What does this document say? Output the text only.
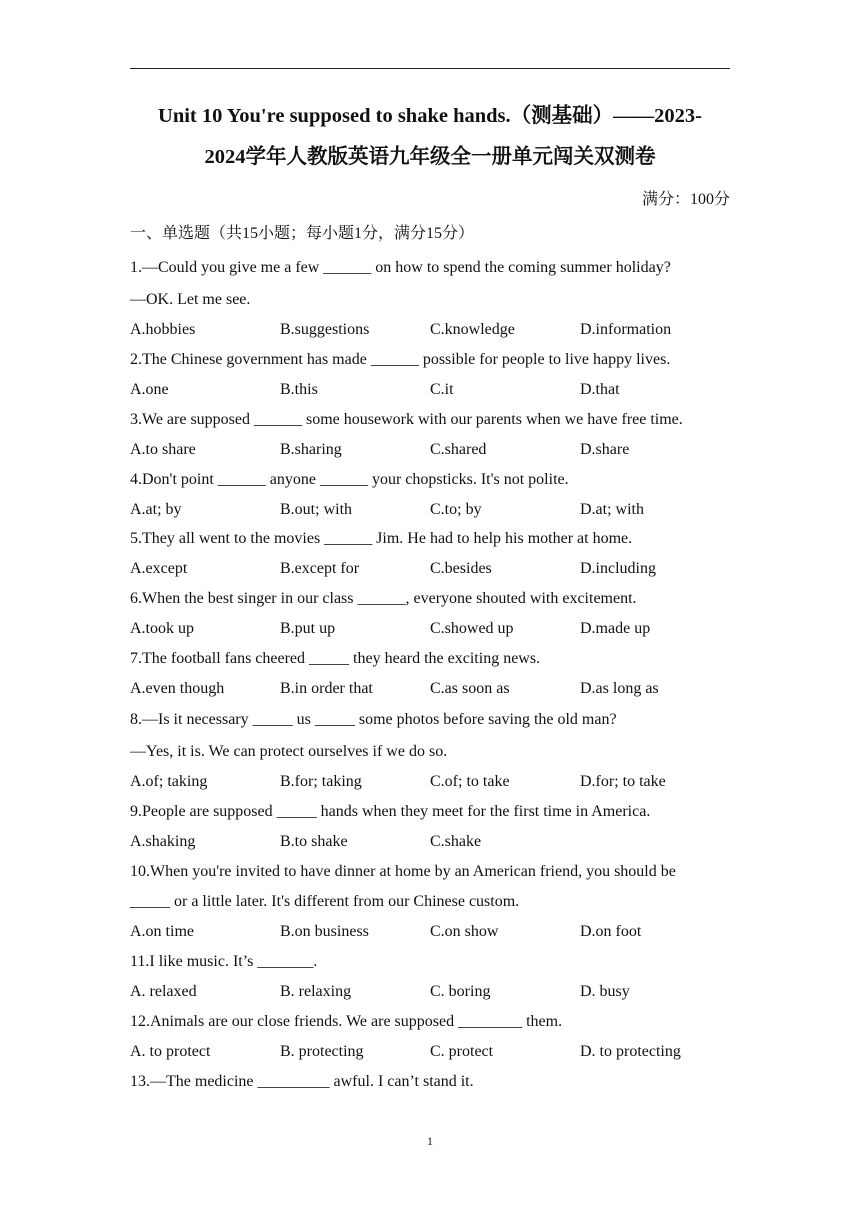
Unit 10 You're supposed to shake hands.（测基础）——2023-
2024学年人教版英语九年级全一册单元闯关双测卷
满分：100分
一、单选题（共15小题；每小题1分，满分15分）
1.—Could you give me a few ______ on how to spend the coming summer holiday?
—OK. Let me see.
A.hobbies	B.suggestions	C.knowledge	D.information
2.The Chinese government has made ______ possible for people to live happy lives.
A.one	B.this	C.it	D.that
3.We are supposed ______ some housework with our parents when we have free time.
A.to share	B.sharing	C.shared	D.share
4.Don't point ______ anyone ______ your chopsticks. It's not polite.
A.at; by	B.out; with	C.to; by	D.at; with
5.They all went to the movies ______ Jim. He had to help his mother at home.
A.except	B.except for	C.besides	D.including
6.When the best singer in our class ______, everyone shouted with excitement.
A.took up	B.put up	C.showed up	D.made up
7.The football fans cheered _____ they heard the exciting news.
A.even though	B.in order that	C.as soon as	D.as long as
8.—Is it necessary _____ us _____ some photos before saving the old man?
—Yes, it is. We can protect ourselves if we do so.
A.of; taking	B.for; taking	C.of; to take	D.for; to take
9.People are supposed _____ hands when they meet for the first time in America.
A.shaking	B.to shake	C.shake
10.When you're invited to have dinner at home by an American friend, you should be
_____ or a little later. It's different from our Chinese custom.
A.on time	B.on business	C.on show	D.on foot
11.I like music. It’s _______.
A. relaxed	B. relaxing	C. boring	D. busy
12.Animals are our close friends. We are supposed ________ them.
A. to protect	B. protecting	C. protect	D. to protecting
13.—The medicine _________ awful. I can’t stand it.
1
